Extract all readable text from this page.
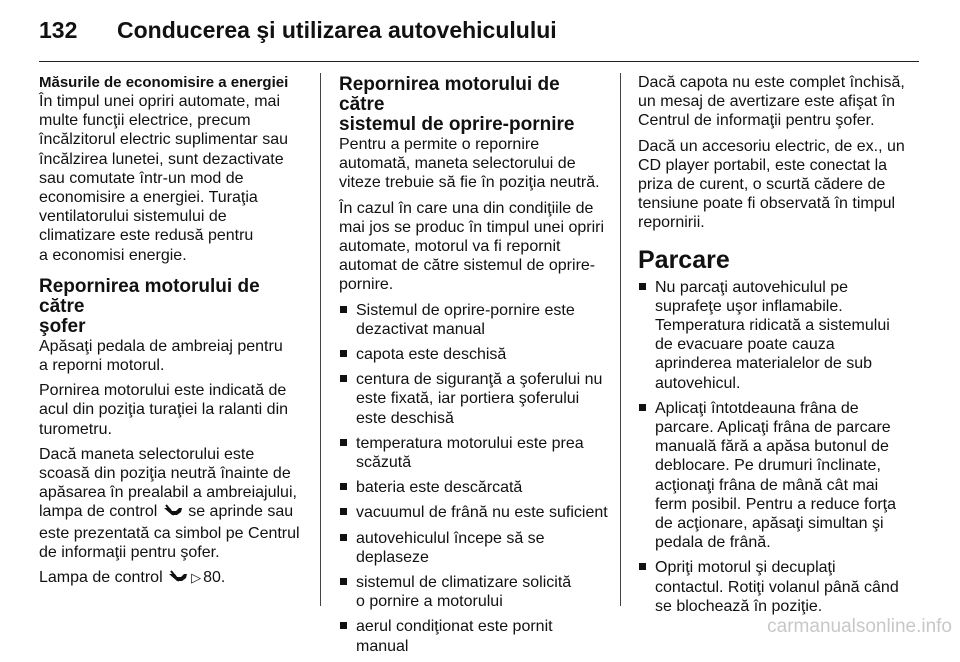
132 Conducerea şi utilizarea autovehiculului
Măsurile de economisire a energiei

În timpul unei opriri automate, mai
multe funcţii electrice, precum
încălzitorul electric suplimentar sau
încălzirea lunetei, sunt dezactivate
sau comutate într-un mod de
economisire a energiei. Turaţia
ventilatorului sistemului de
climatizare este redusă pentru
a economisi energie.

Repornirea motorului de către
şofer

Apăsaţi pedala de ambreiaj pentru
a reporni motorul.

Pornirea motorului este indicată de
acul din poziţia turaţiei la ralanti din
turometru.

Dacă maneta selectorului este
scoasă din poziţia neutră înainte de
apăsarea în prealabil a ambreiajului,
lampa de control se aprinde sau
este prezentată ca simbol pe Centrul
de informaţii pentru şofer.

Lampa de control ▷ 80.

Repornirea motorului de către
sistemul de oprire-pornire

Pentru a permite o repornire
automată, maneta selectorului de
viteze trebuie să fie în poziţia neutră.

În cazul în care una din condiţiile de
mai jos se produc în timpul unei opriri
automate, motorul va fi repornit
automat de către sistemul de oprire-
pornire.

Sistemul de oprire-pornire este
dezactivat manual
capota este deschisă
centura de siguranţă a şoferului nu
este fixată, iar portiera şoferului
este deschisă
temperatura motorului este prea
scăzută
bateria este descărcată
vacuumul de frână nu este suficient
autovehiculul începe să se
deplaseze
sistemul de climatizare solicită
o pornire a motorului
aerul condiţionat este pornit
manual

Dacă capota nu este complet închisă,
un mesaj de avertizare este afişat în
Centrul de informaţii pentru şofer.

Dacă un accesoriu electric, de ex., un
CD player portabil, este conectat la
priza de curent, o scurtă cădere de
tensiune poate fi observată în timpul
repornirii.

Parcare
Nu parcaţi autovehiculul pe
suprafeţe uşor inflamabile.
Temperatura ridicată a sistemului
de evacuare poate cauza
aprinderea materialelor de sub
autovehicul.
Aplicaţi întotdeauna frâna de
parcare. Aplicaţi frâna de parcare
manuală fără a apăsa butonul de
deblocare. Pe drumuri înclinate,
acţionaţi frâna de mână cât mai
ferm posibil. Pentru a reduce forţa
de acţionare, apăsaţi simultan şi
pedala de frână.
Opriţi motorul şi decuplaţi
contactul. Rotiţi volanul până când
se blochează în poziţie.
carmanualsonline.info
